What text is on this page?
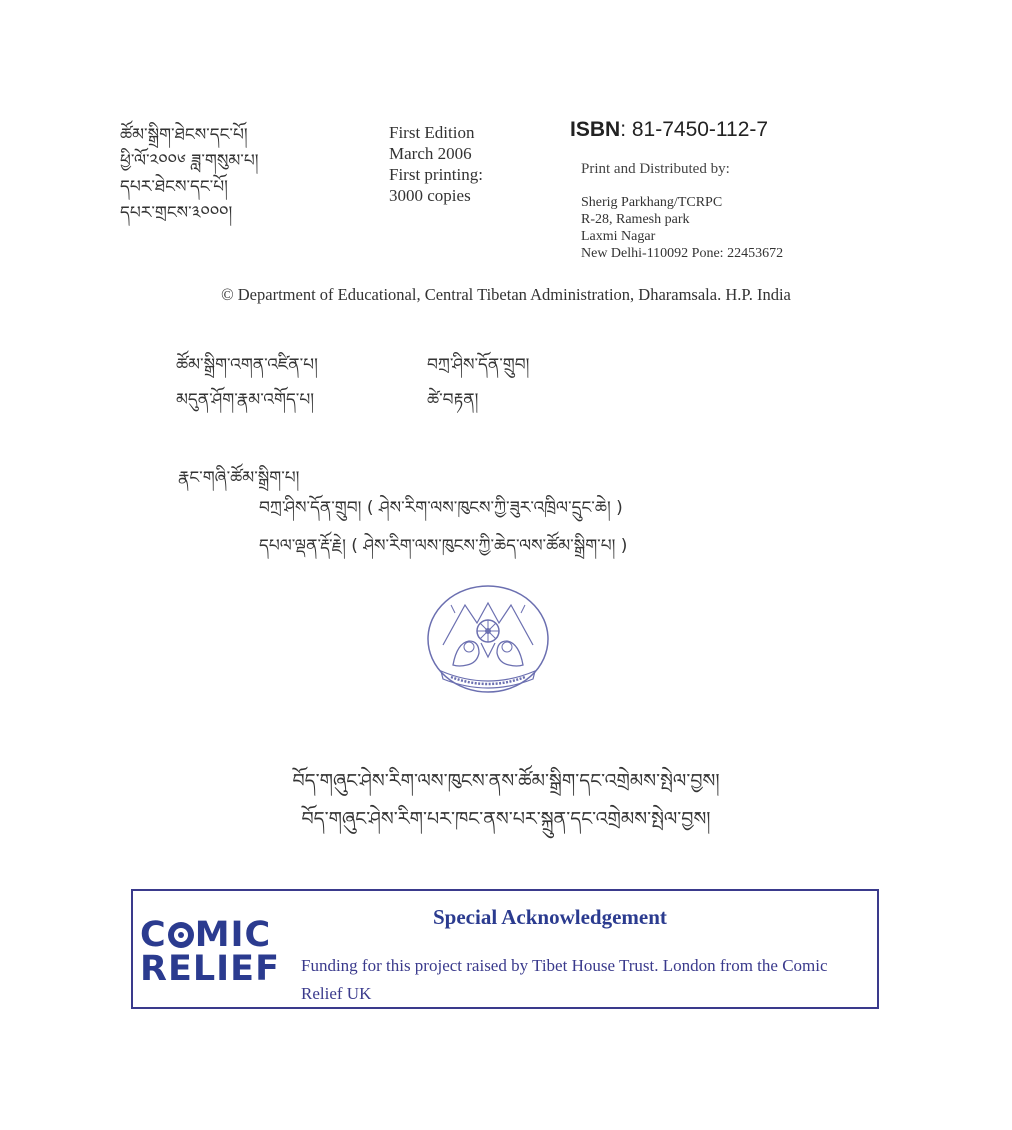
ཚོམ་སྒྲིག་ཐེངས་དང་པོ།
ཕྱི་ལོ་༢༠༠༦ ཟླ་གསུམ་པ།
དཔར་ཐེངས་དང་པོ།
དཔར་གྲངས་༣༠༠༠།
First Edition
March 2006
First printing:
3000 copies
ISBN: 81-7450-112-7
Print and Distributed by:
Sherig Parkhang/TCRPC
R-28, Ramesh park
Laxmi Nagar
New Delhi-110092 Pone: 22453672
© Department of Educational, Central Tibetan Administration, Dharamsala. H.P. India
ཚོམ་སྒྲིག་འགན་འཛིན་པ།	བཀྲ་ཤིས་དོན་གྲུབ།
མདུན་ཤོག་རྣམ་འགོད་པ།	ཚེ་བརྟན།
རྣང་གཞི་ཚོམ་སྒྲིག་པ།
བཀྲ་ཤིས་དོན་གྲུབ། ( ཤེས་རིག་ལས་ཁུངས་ཀྱི་ཟུར་འཁྲིལ་དྲུང་ཆེ། )
དཔལ་ལྡན་རྡོ་རྗེ། ( ཤེས་རིག་ལས་ཁུངས་ཀྱི་ཆེད་ལས་ཚོམ་སྒྲིག་པ། )
བོད་གཞུང་ཤེས་རིག་ལས་ཁུངས་ནས་ཚོམ་སྒྲིག་དང་འགྲེམས་སྤེལ་བྱས།
བོད་གཞུང་ཤེས་རིག་པར་ཁང་ནས་པར་སྐྲུན་དང་འགྲེམས་སྤེལ་བྱས།
C MIC
RELIEF
Special Acknowledgement
Funding for this project raised by Tibet House Trust. London from the Comic Relief UK
